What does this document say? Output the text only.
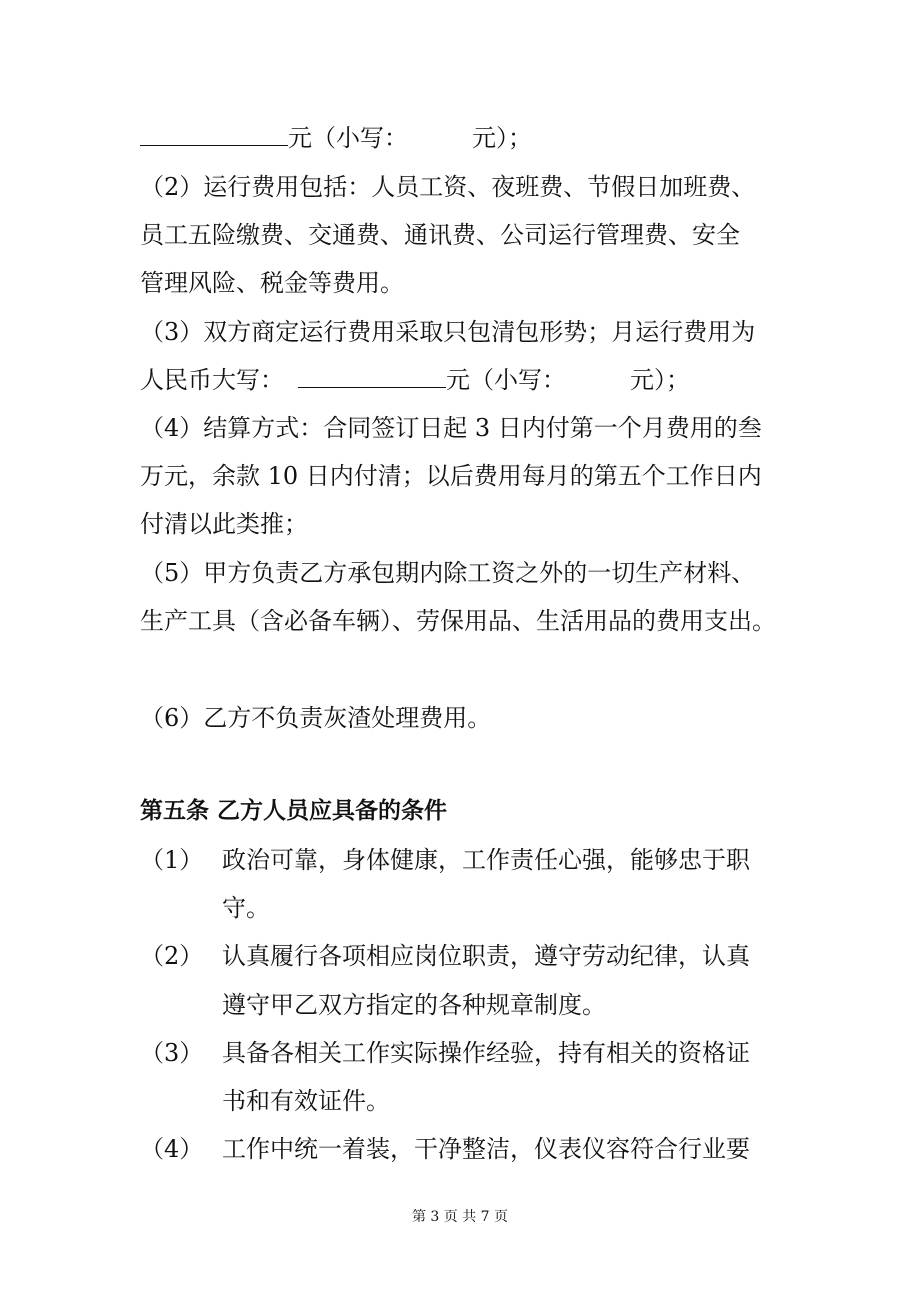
元（小写：	元）；
（2）运行费用包括：人员工资、夜班费、节假日加班费、
员工五险缴费、交通费、通讯费、公司运行管理费、安全
管理风险、税金等费用。
（3）双方商定运行费用采取只包清包形势；月运行费用为
人民币大写：	元（小写：	元）；
（4）结算方式：合同签订日起 3 日内付第一个月费用的叁
万元，余款 10 日内付清；以后费用每月的第五个工作日内
付清以此类推；
（5）甲方负责乙方承包期内除工资之外的一切生产材料、
生产工具（含必备车辆）、劳保用品、生活用品的费用支出。
（6）乙方不负责灰渣处理费用。
第五条 乙方人员应具备的条件
（1） 政治可靠，身体健康，工作责任心强，能够忠于职
守。
（2） 认真履行各项相应岗位职责，遵守劳动纪律，认真
遵守甲乙双方指定的各种规章制度。
（3） 具备各相关工作实际操作经验，持有相关的资格证
书和有效证件。
（4） 工作中统一着装，干净整洁，仪表仪容符合行业要
第 3 页 共 7 页
